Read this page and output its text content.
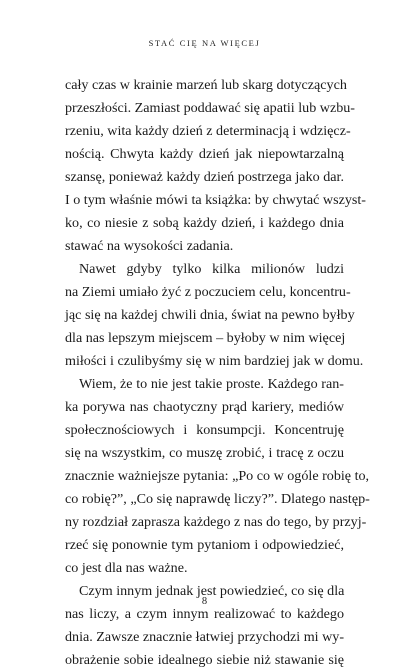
STAĆ CIĘ NA WIĘCEJ
cały czas w krainie marzeń lub skarg dotyczących
przeszłości. Zamiast poddawać się apatii lub wzbu-
rzeniu, wita każdy dzień z determinacją i wdzięcz-
nością. Chwyta każdy dzień jak niepowtarzalną
szansę, ponieważ każdy dzień postrzega jako dar.
I o tym właśnie mówi ta książka: by chwytać wszyst-
ko, co niesie z sobą każdy dzień, i każdego dnia
stawać na wysokości zadania.
Nawet gdyby tylko kilka milionów ludzi
na Ziemi umiało żyć z poczuciem celu, koncentru-
jąc się na każdej chwili dnia, świat na pewno byłby
dla nas lepszym miejscem – byłoby w nim więcej
miłości i czulibyśmy się w nim bardziej jak w domu.
Wiem, że to nie jest takie proste. Każdego ran-
ka porywa nas chaotyczny prąd kariery, mediów
społecznościowych i konsumpcji. Koncentruję
się na wszystkim, co muszę zrobić, i tracę z oczu
znacznie ważniejsze pytania: „Po co w ogóle robię to,
co robię?”, „Co się naprawdę liczy?”. Dlatego następ-
ny rozdział zaprasza każdego z nas do tego, by przyj-
rzeć się ponownie tym pytaniom i odpowiedzieć,
co jest dla nas ważne.
Czym innym jednak jest powiedzieć, co się dla
nas liczy, a czym innym realizować to każdego
dnia. Zawsze znacznie łatwiej przychodzi mi wy-
obrażenie sobie idealnego siebie niż stawanie się
8
